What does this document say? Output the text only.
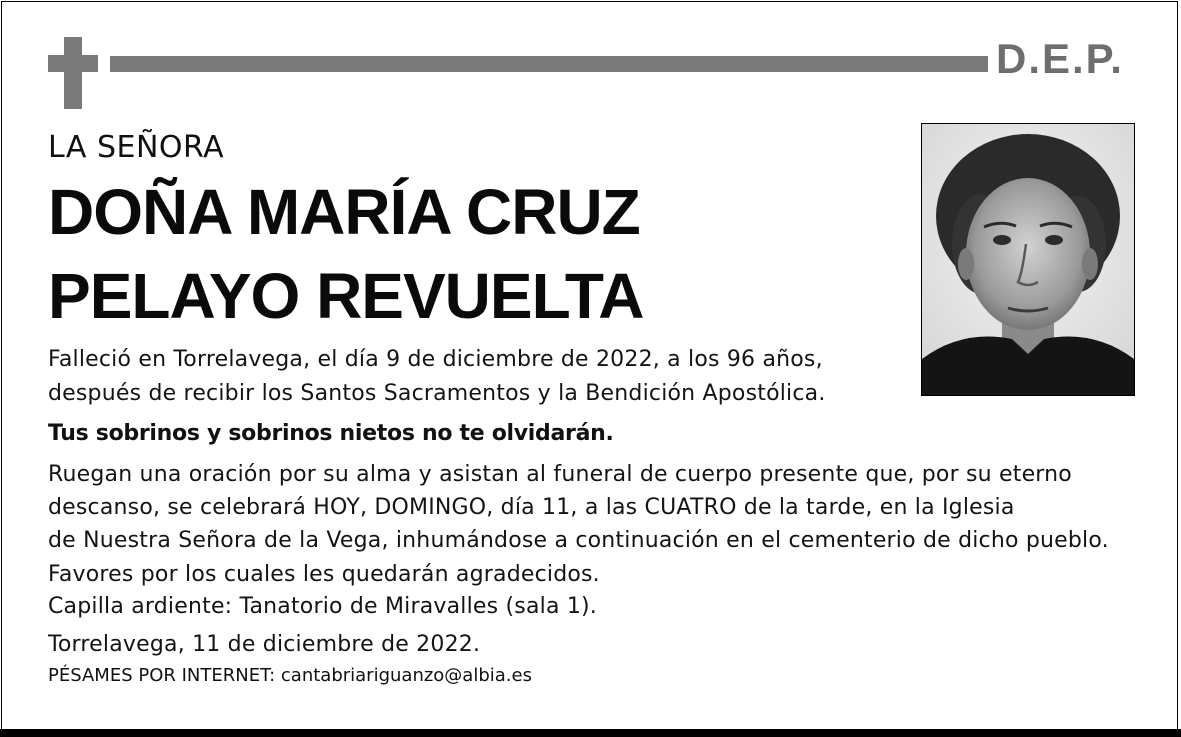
D.E.P.
LA SEÑORA
DOÑA MARÍA CRUZ
PELAYO REVUELTA
Falleció en Torrelavega, el día 9 de diciembre de 2022, a los 96 años,
después de recibir los Santos Sacramentos y la Bendición Apostólica.
Tus sobrinos y sobrinos nietos no te olvidarán.
Ruegan una oración por su alma y asistan al funeral de cuerpo presente que, por su eterno
descanso, se celebrará HOY, DOMINGO, día 11, a las CUATRO de la tarde, en la Iglesia
de Nuestra Señora de la Vega, inhumándose a continuación en el cementerio de dicho pueblo.
Favores por los cuales les quedarán agradecidos.
Capilla ardiente: Tanatorio de Miravalles (sala 1).
Torrelavega, 11 de diciembre de 2022.
PÉSAMES POR INTERNET: cantabriariguanzo@albia.es
